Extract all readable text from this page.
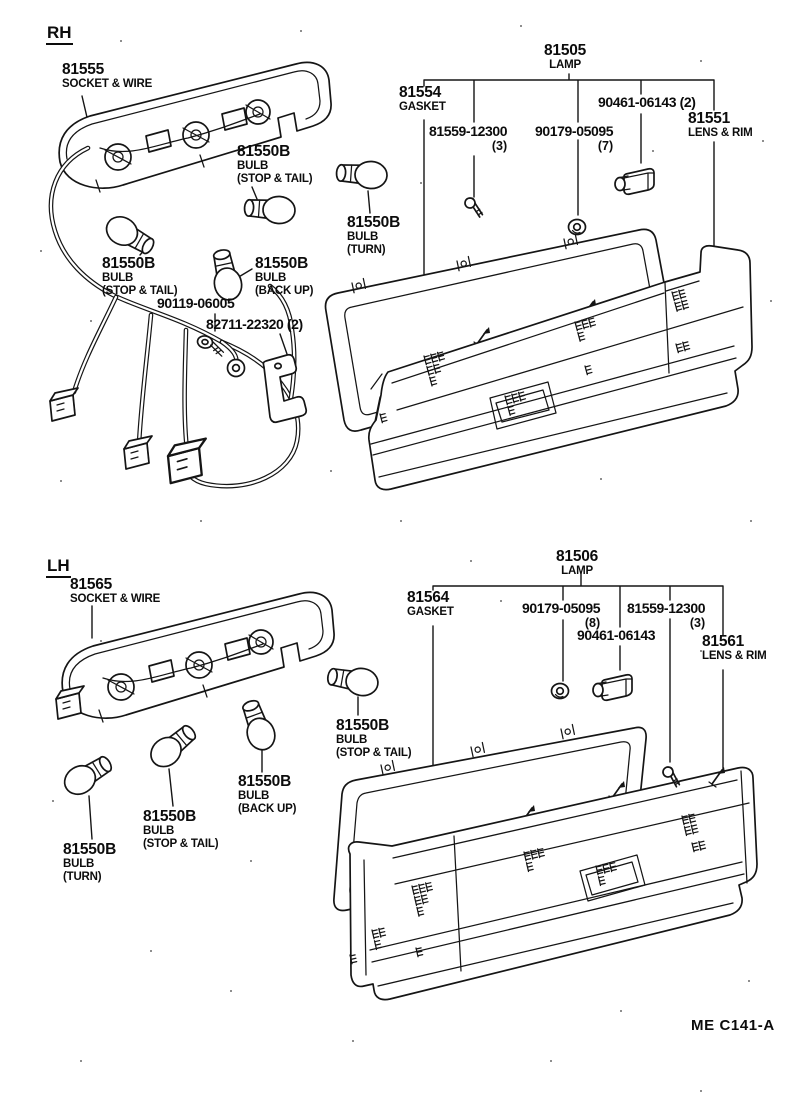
RH
81555
SOCKET & WIRE
81505
LAMP
81554
GASKET
81559-12300
(3)
90179-05095
(7)
90461-06143 (2)
81551
LENS & RIM
81550B
BULB
(STOP & TAIL)
81550B
BULB
(TURN)
81550B
BULB
(STOP & TAIL)
81550B
BULB
(BACK UP)
90119-06005
82711-22320 (2)
LH
81565
SOCKET & WIRE
81506
LAMP
81564
GASKET	90179-05095
(8)
81559-12300
(3)
90461-06143	81561
LENS & RIM
81550B
BULB
(STOP & TAIL)
81550B
BULB
(BACK UP)
81550B
BULB
(STOP & TAIL)
81550B
BULB
(TURN)
ME C141-A
